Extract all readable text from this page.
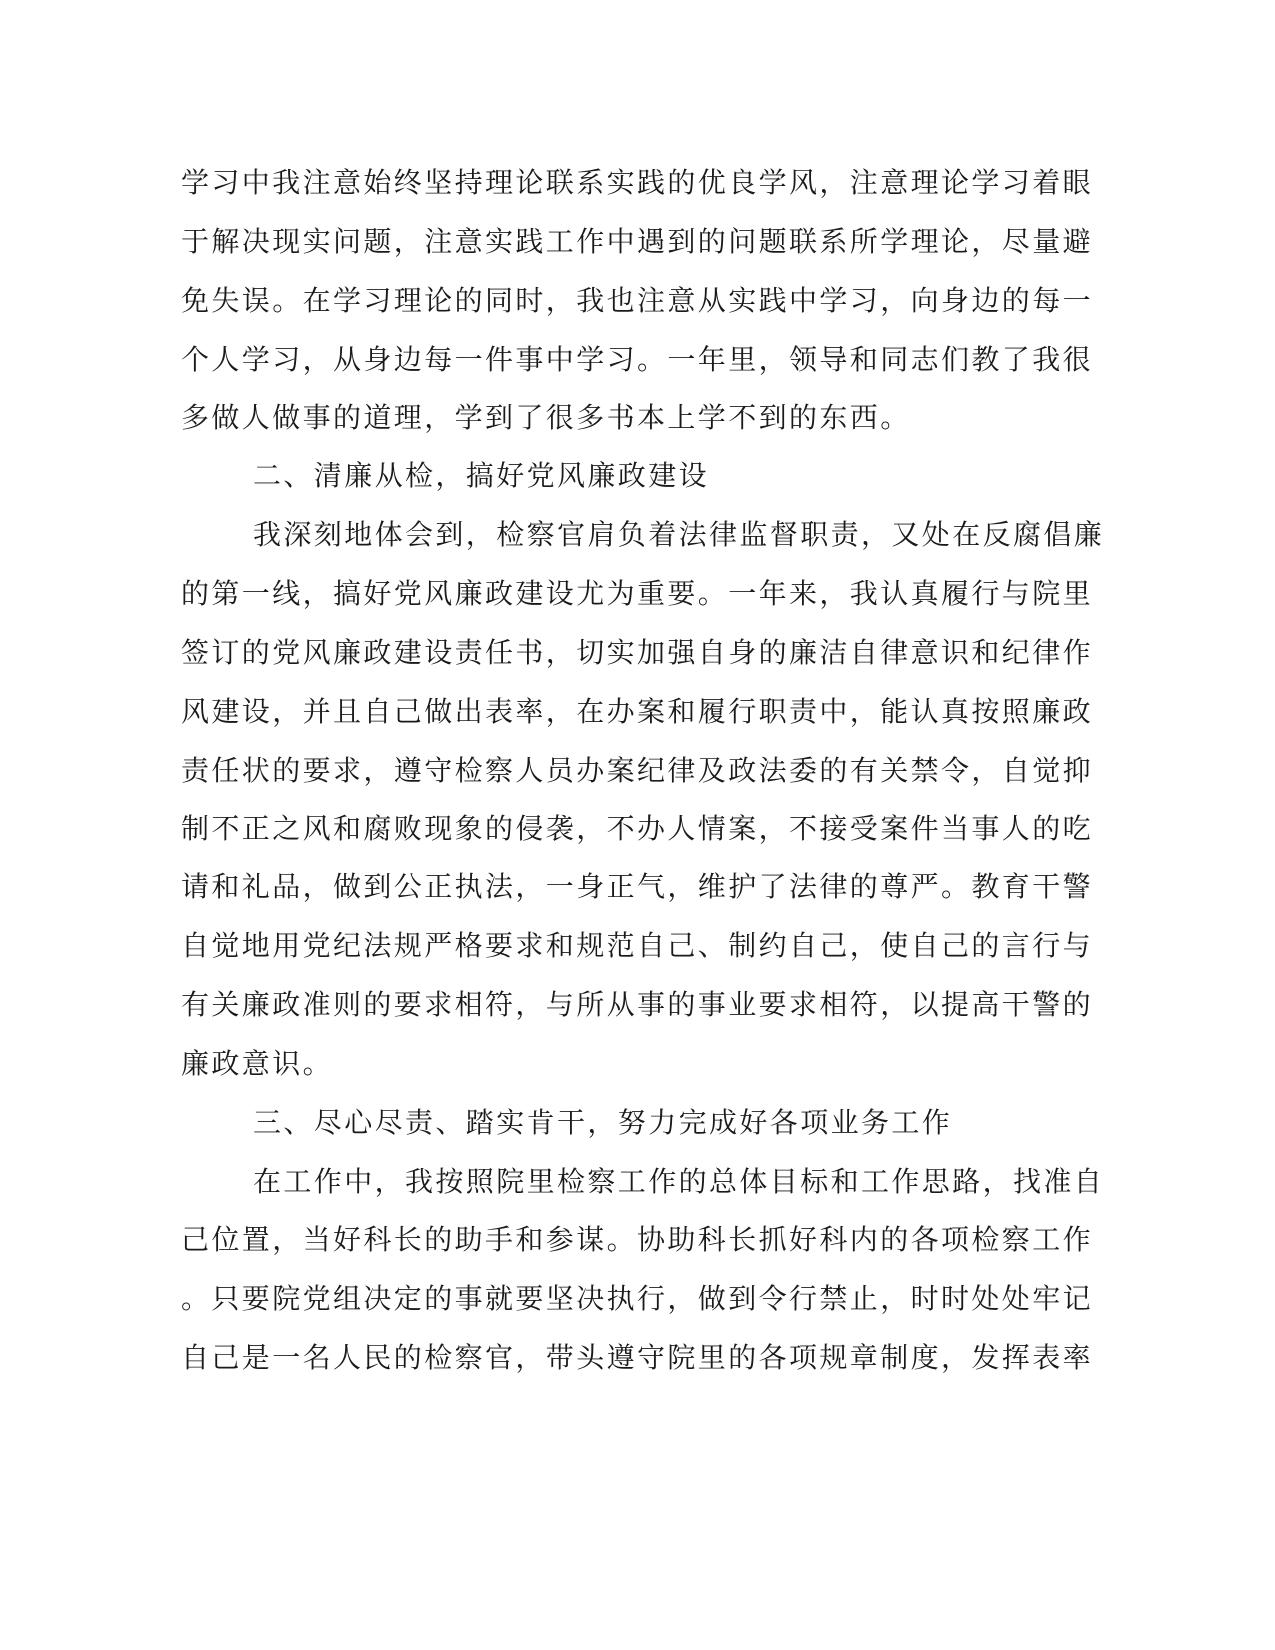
学习中我注意始终坚持理论联系实践的优良学风，注意理论学习着眼
于解决现实问题，注意实践工作中遇到的问题联系所学理论，尽量避
免失误。在学习理论的同时，我也注意从实践中学习，向身边的每一
个人学习，从身边每一件事中学习。一年里，领导和同志们教了我很
多做人做事的道理，学到了很多书本上学不到的东西。
二、清廉从检，搞好党风廉政建设
我深刻地体会到，检察官肩负着法律监督职责，又处在反腐倡廉
的第一线，搞好党风廉政建设尤为重要。一年来，我认真履行与院里
签订的党风廉政建设责任书，切实加强自身的廉洁自律意识和纪律作
风建设，并且自己做出表率，在办案和履行职责中，能认真按照廉政
责任状的要求，遵守检察人员办案纪律及政法委的有关禁令，自觉抑
制不正之风和腐败现象的侵袭，不办人情案，不接受案件当事人的吃
请和礼品，做到公正执法，一身正气，维护了法律的尊严。教育干警
自觉地用党纪法规严格要求和规范自己、制约自己，使自己的言行与
有关廉政准则的要求相符，与所从事的事业要求相符，以提高干警的
廉政意识。
三、尽心尽责、踏实肯干，努力完成好各项业务工作
在工作中，我按照院里检察工作的总体目标和工作思路，找准自
己位置，当好科长的助手和参谋。协助科长抓好科内的各项检察工作
。只要院党组决定的事就要坚决执行，做到令行禁止，时时处处牢记
自己是一名人民的检察官，带头遵守院里的各项规章制度，发挥表率
